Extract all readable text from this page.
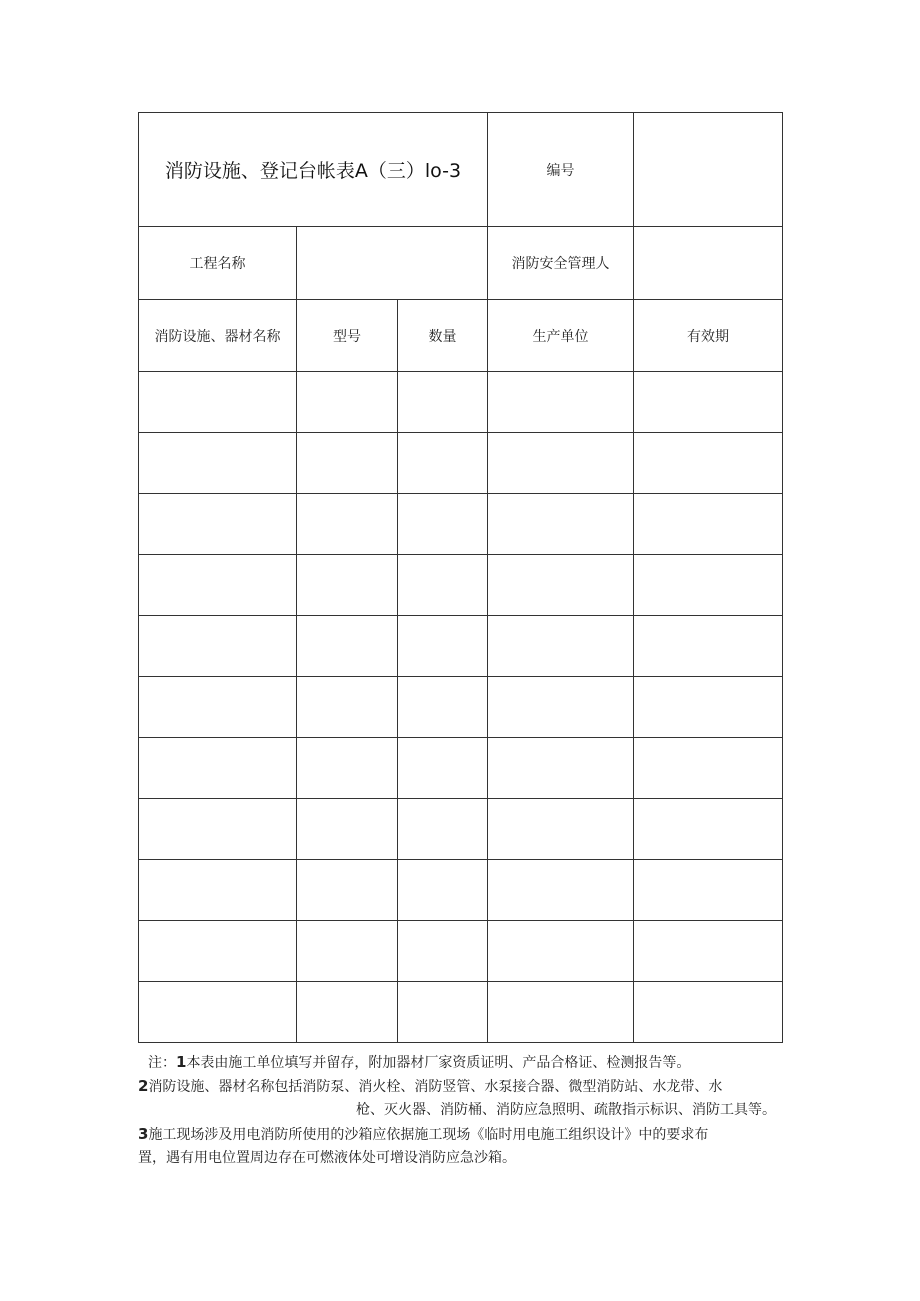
消防设施、登记台帐表A（三）lo-3			编号	
工程名称			消防安全管理人	
消防设施、器材名称	型号	数量	生产单位	有效期

注：1本表由施工单位填写并留存，附加器材厂家资质证明、产品合格证、检测报告等。
2消防设施、器材名称包括消防泵、消火栓、消防竖管、水泵接合器、微型消防站、水龙带、水
枪、灭火器、消防桶、消防应急照明、疏散指示标识、消防工具等。
3施工现场涉及用电消防所使用的沙箱应依据施工现场《临时用电施工组织设计》中的要求布
置，遇有用电位置周边存在可燃液体处可增设消防应急沙箱。
